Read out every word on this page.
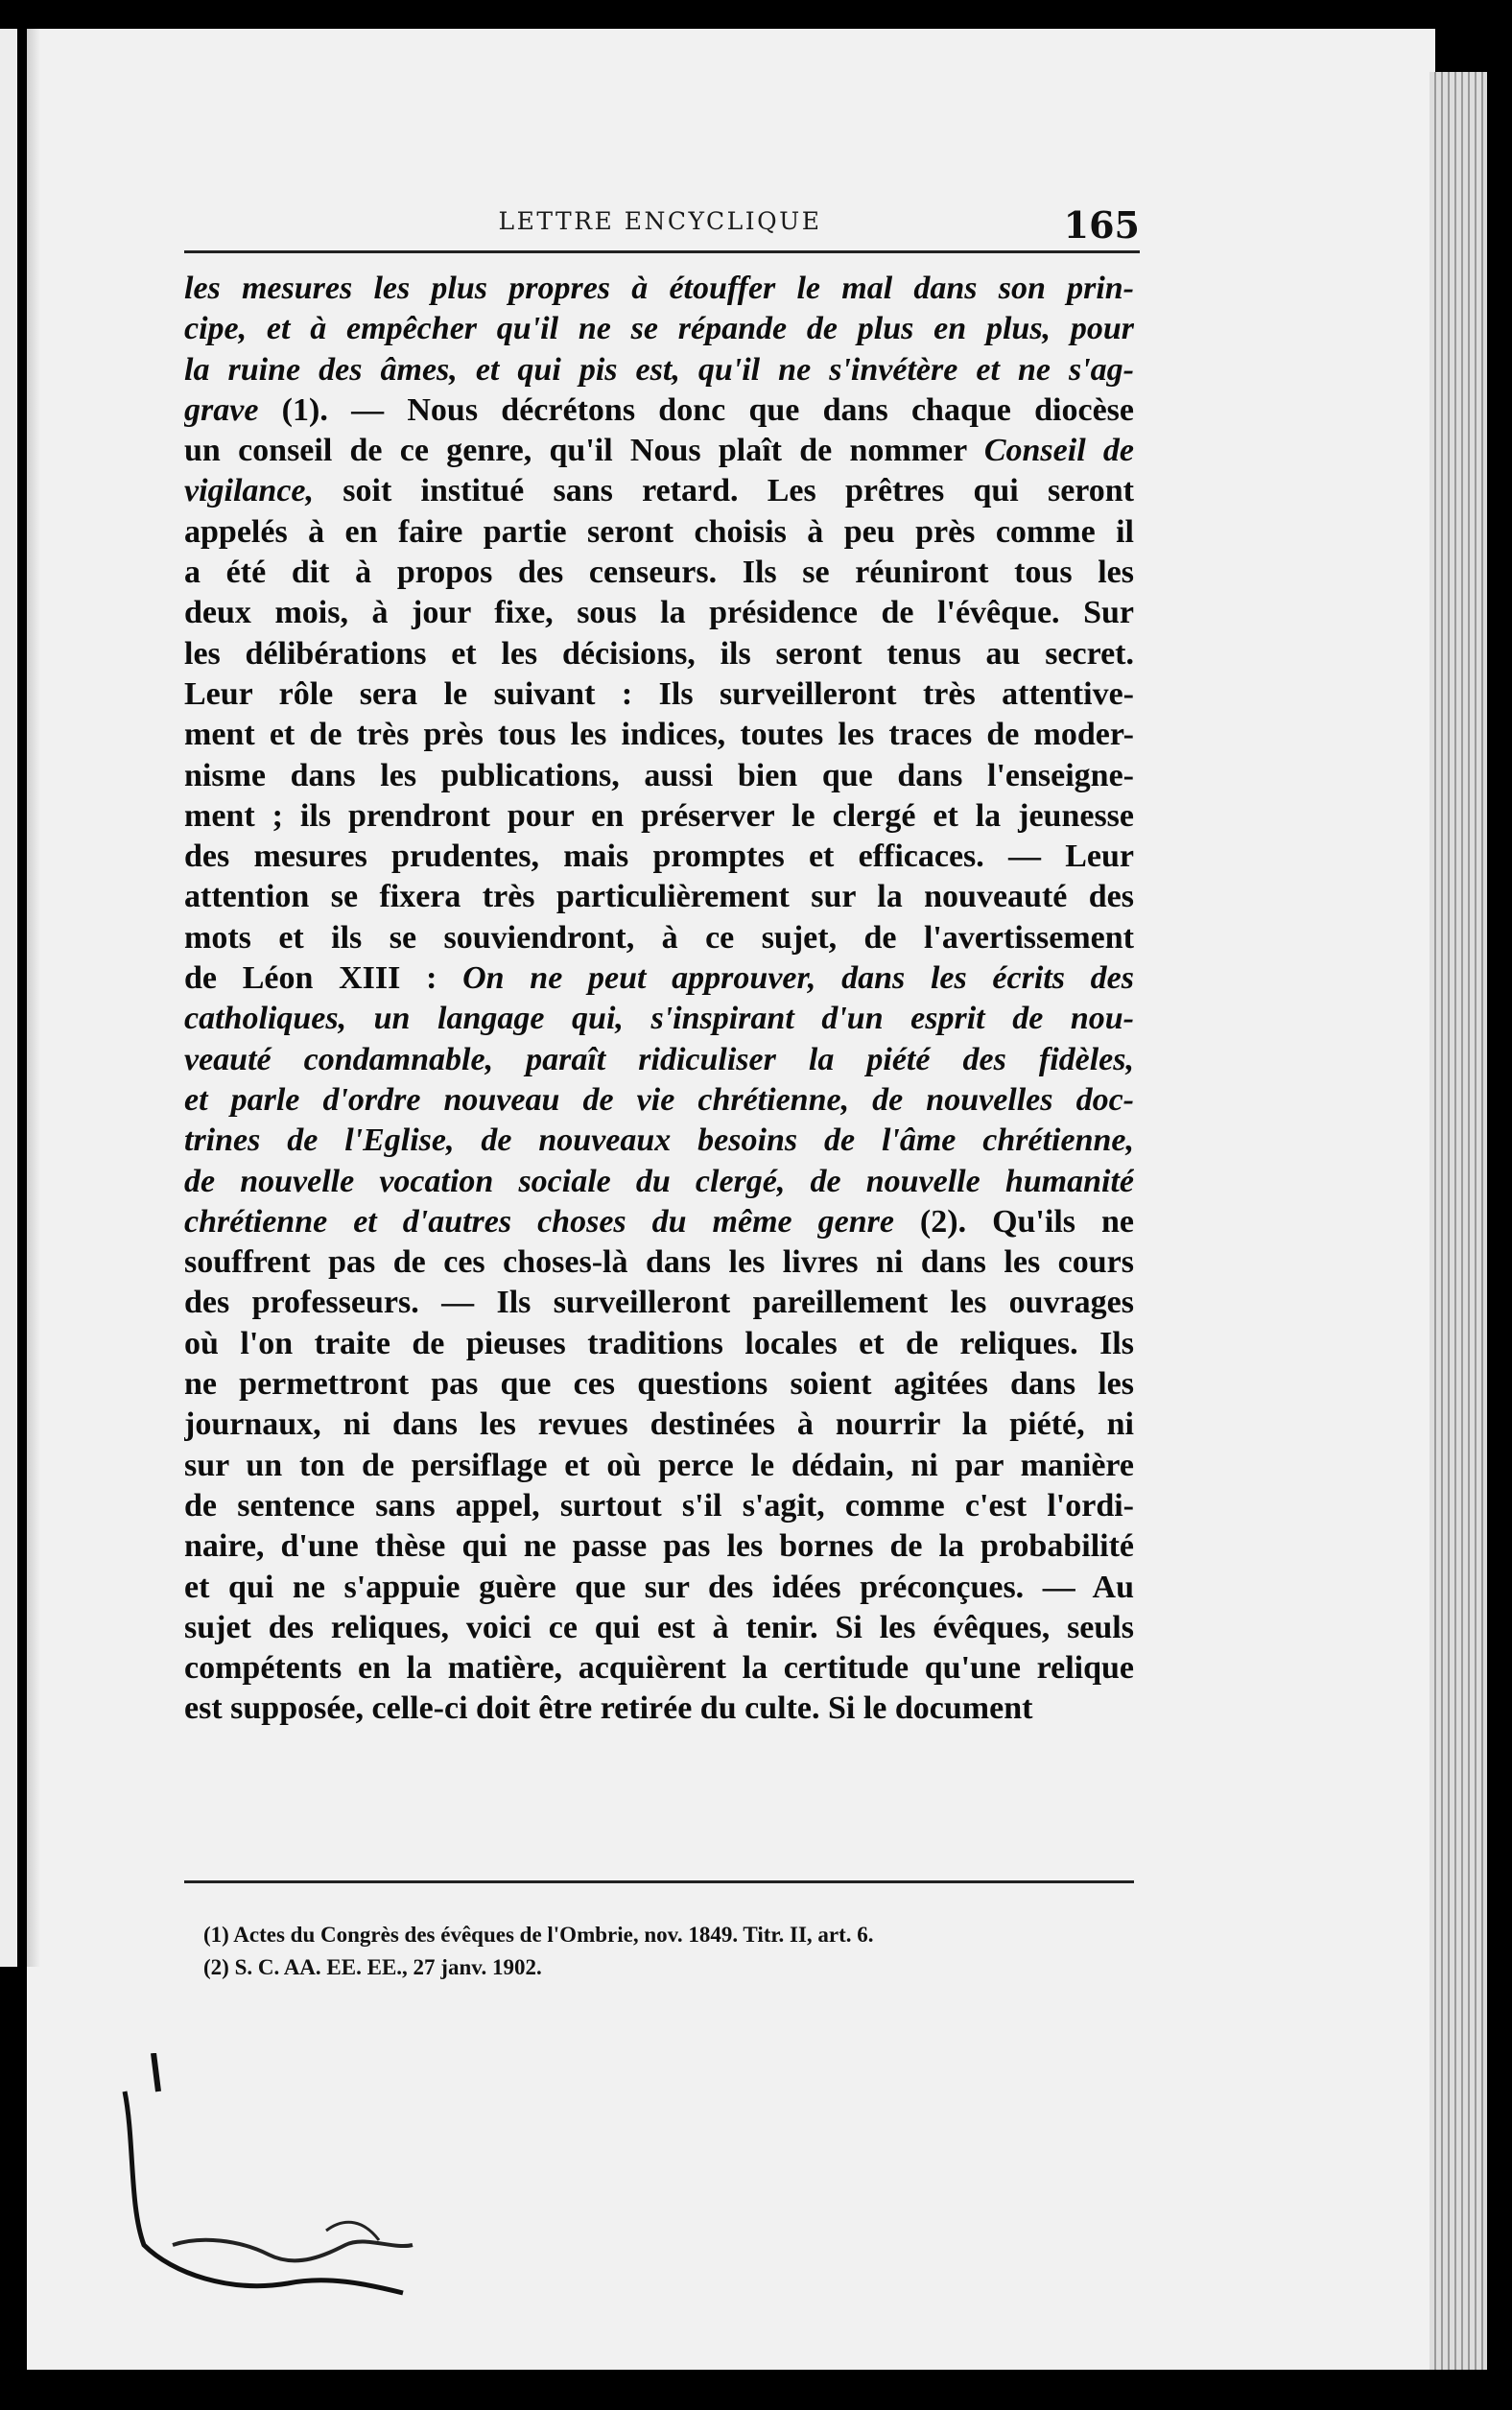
LETTRE ENCYCLIQUE	165
les mesures les plus propres à étouffer le mal dans son prin-
cipe, et à empêcher qu'il ne se répande de plus en plus, pour
la ruine des âmes, et qui pis est, qu'il ne s'invétère et ne s'ag-
grave (1). — Nous décrétons donc que dans chaque diocèse
un conseil de ce genre, qu'il Nous plaît de nommer Conseil de
vigilance, soit institué sans retard. Les prêtres qui seront
appelés à en faire partie seront choisis à peu près comme il
a été dit à propos des censeurs. Ils se réuniront tous les
deux mois, à jour fixe, sous la présidence de l'évêque. Sur
les délibérations et les décisions, ils seront tenus au secret.
Leur rôle sera le suivant : Ils surveilleront très attentive-
ment et de très près tous les indices, toutes les traces de moder-
nisme dans les publications, aussi bien que dans l'enseigne-
ment ; ils prendront pour en préserver le clergé et la jeunesse
des mesures prudentes, mais promptes et efficaces. — Leur
attention se fixera très particulièrement sur la nouveauté des
mots et ils se souviendront, à ce sujet, de l'avertissement
de Léon XIII : On ne peut approuver, dans les écrits des
catholiques, un langage qui, s'inspirant d'un esprit de nou-
veauté condamnable, paraît ridiculiser la piété des fidèles,
et parle d'ordre nouveau de vie chrétienne, de nouvelles doc-
trines de l'Eglise, de nouveaux besoins de l'âme chrétienne,
de nouvelle vocation sociale du clergé, de nouvelle humanité
chrétienne et d'autres choses du même genre (2). Qu'ils ne
souffrent pas de ces choses-là dans les livres ni dans les cours
des professeurs. — Ils surveilleront pareillement les ouvrages
où l'on traite de pieuses traditions locales et de reliques. Ils
ne permettront pas que ces questions soient agitées dans les
journaux, ni dans les revues destinées à nourrir la piété, ni
sur un ton de persiflage et où perce le dédain, ni par manière
de sentence sans appel, surtout s'il s'agit, comme c'est l'ordi-
naire, d'une thèse qui ne passe pas les bornes de la probabilité
et qui ne s'appuie guère que sur des idées préconçues. — Au
sujet des reliques, voici ce qui est à tenir. Si les évêques, seuls
compétents en la matière, acquièrent la certitude qu'une relique
est supposée, celle-ci doit être retirée du culte. Si le document
(1) Actes du Congrès des évêques de l'Ombrie, nov. 1849. Titr. II, art. 6.
(2) S. C. AA. EE. EE., 27 janv. 1902.
